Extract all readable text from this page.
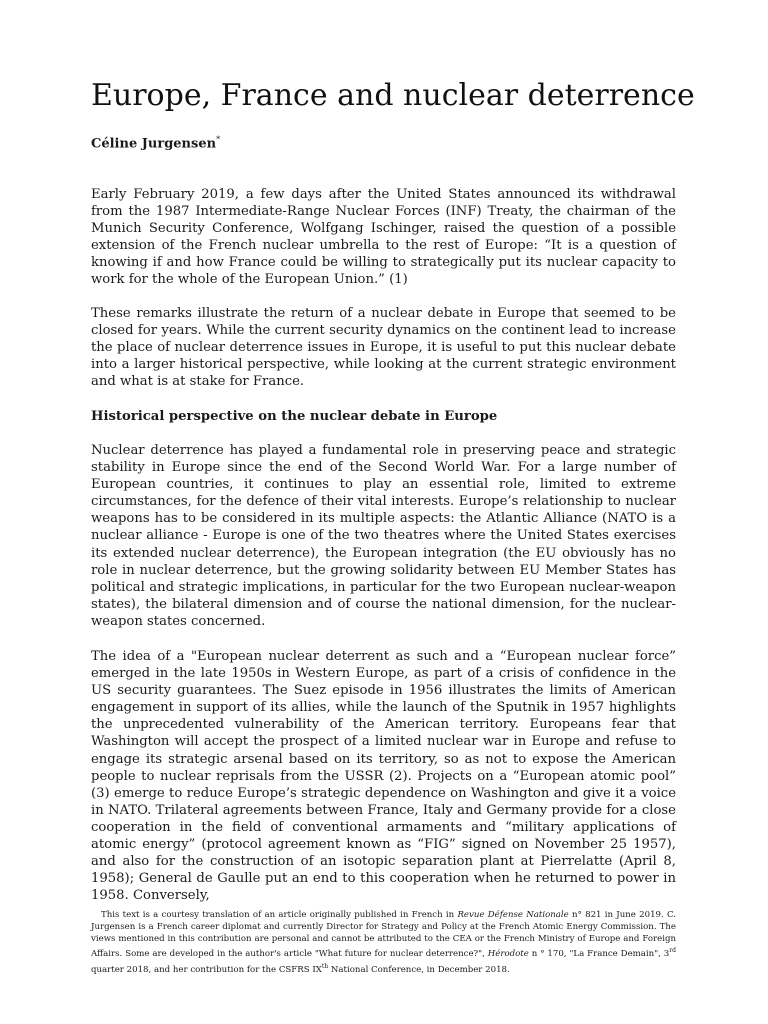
Europe, France and nuclear deterrence

Céline Jurgensen*

Early February 2019, a few days after the United States announced its withdrawal from the 1987 Intermediate-Range Nuclear Forces (INF) Treaty, the chairman of the Munich Security Conference, Wolfgang Ischinger, raised the question of a possible extension of the French nuclear umbrella to the rest of Europe: “It is a question of knowing if and how France could be willing to strategically put its nuclear capacity to work for the whole of the European Union.” (1)

These remarks illustrate the return of a nuclear debate in Europe that seemed to be closed for years. While the current security dynamics on the continent lead to increase the place of nuclear deterrence issues in Europe, it is useful to put this nuclear debate into a larger historical perspective, while looking at the current strategic environment and what is at stake for France.

Historical perspective on the nuclear debate in Europe

Nuclear deterrence has played a fundamental role in preserving peace and strategic stability in Europe since the end of the Second World War. For a large number of European countries, it continues to play an essential role, limited to extreme circumstances, for the defence of their vital interests. Europe’s relationship to nuclear weapons has to be considered in its multiple aspects: the Atlantic Alliance (NATO is a nuclear alliance - Europe is one of the two theatres where the United States exercises its extended nuclear deterrence), the European integration (the EU obviously has no role in nuclear deterrence, but the growing solidarity between EU Member States has political and strategic implications, in particular for the two European nuclear-weapon states), the bilateral dimension and of course the national dimension, for the nuclear-weapon states concerned.

The idea of a "European nuclear deterrent as such and a “European nuclear force” emerged in the late 1950s in Western Europe, as part of a crisis of confidence in the US security guarantees. The Suez episode in 1956 illustrates the limits of American engagement in support of its allies, while the launch of the Sputnik in 1957 highlights the unprecedented vulnerability of the American territory. Europeans fear that Washington will accept the prospect of a limited nuclear war in Europe and refuse to engage its strategic arsenal based on its territory, so as not to expose the American people to nuclear reprisals from the USSR (2). Projects on a “European atomic pool” (3) emerge to reduce Europe’s strategic dependence on Washington and give it a voice in NATO. Trilateral agreements between France, Italy and Germany provide for a close cooperation in the field of conventional armaments and “military applications of atomic energy” (protocol agreement known as “FIG” signed on November 25 1957), and also for the construction of an isotopic separation plant at Pierrelatte (April 8, 1958); General de Gaulle put an end to this cooperation when he returned to power in 1958. Conversely,

This text is a courtesy translation of an article originally published in French in Revue Défense Nationale n° 821 in June 2019. C. Jurgensen is a French career diplomat and currently Director for Strategy and Policy at the French Atomic Energy Commission. The views mentioned in this contribution are personal and cannot be attributed to the CEA or the French Ministry of Europe and Foreign Affairs. Some are developed in the author's article "What future for nuclear deterrence?", Hérodote n ° 170, "La France Demain", 3rd quarter 2018, and her contribution for the CSFRS IXth National Conference, in December 2018.
